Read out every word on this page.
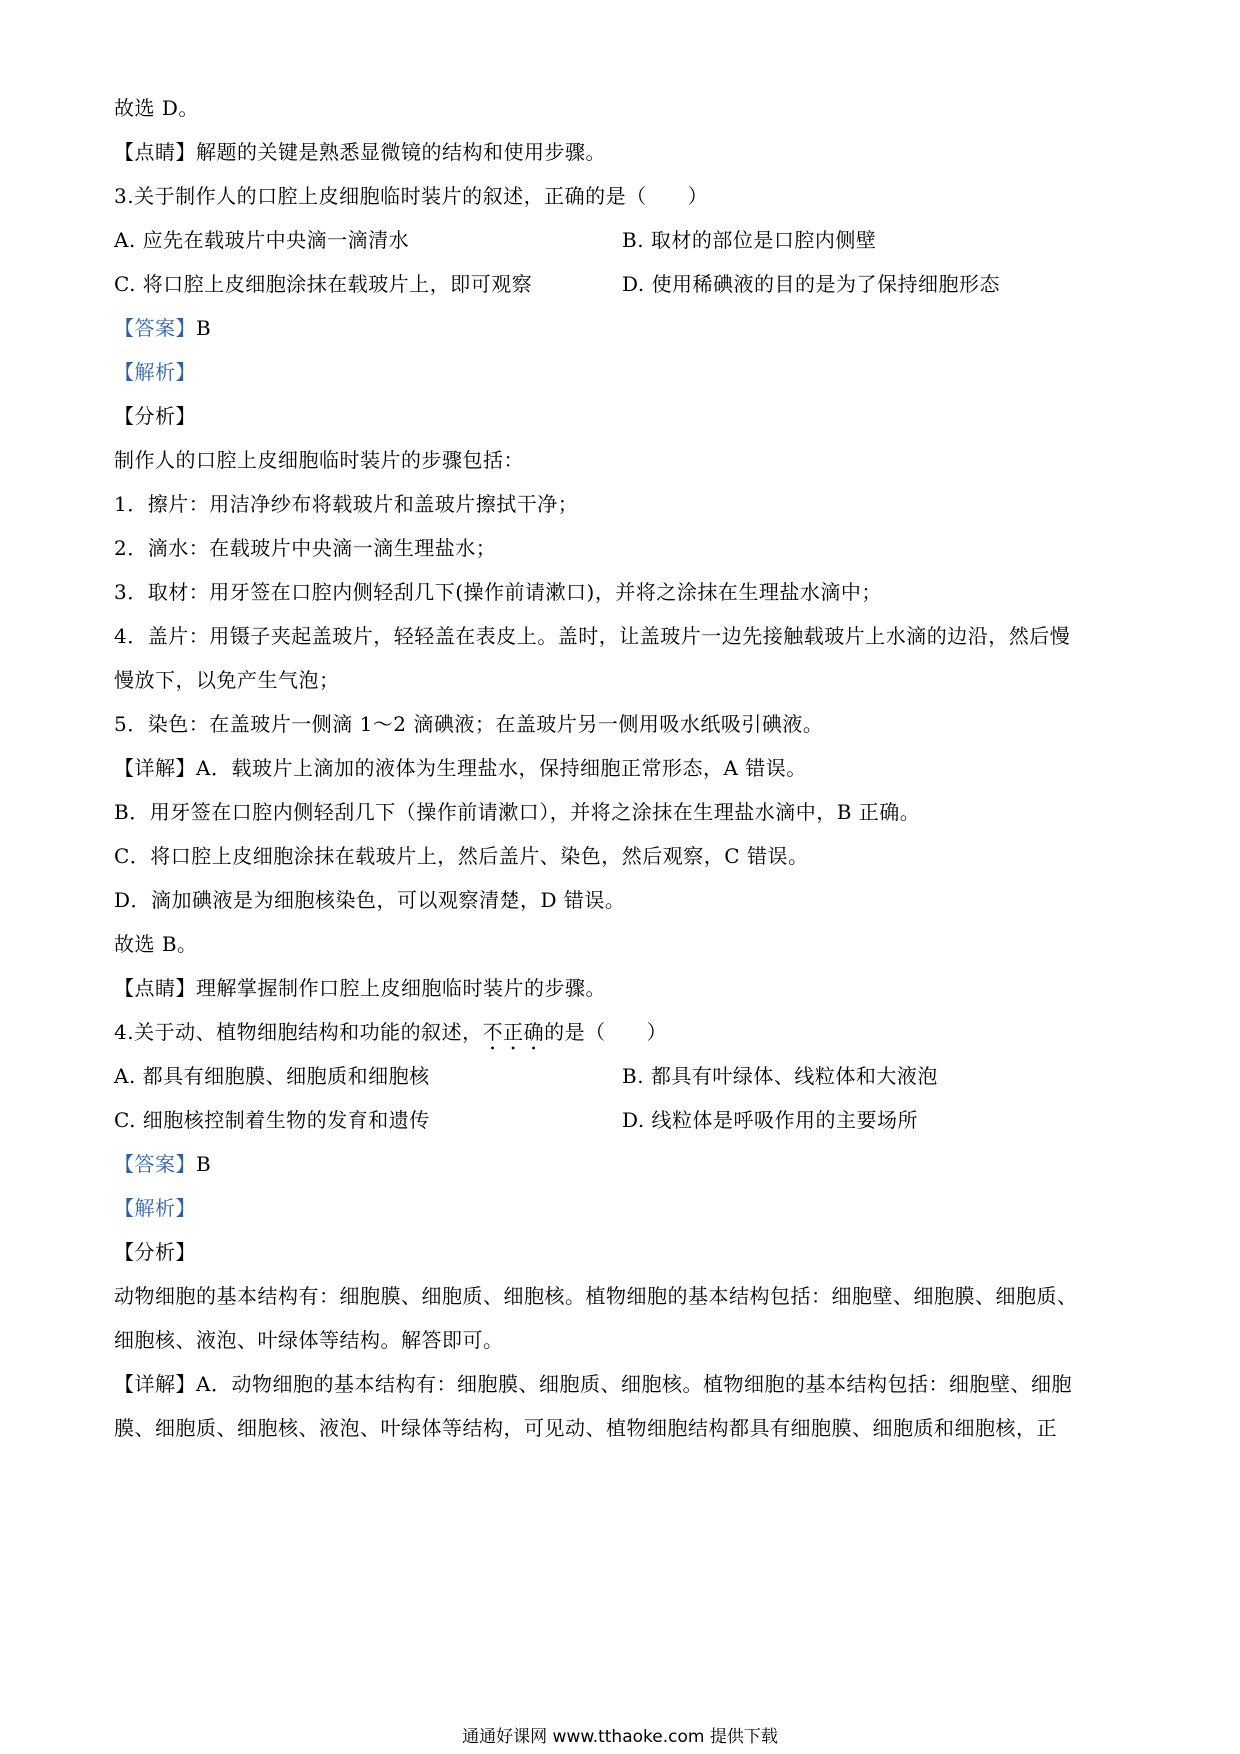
故选 D。
【点睛】解题的关键是熟悉显微镜的结构和使用步骤。
3.关于制作人的口腔上皮细胞临时装片的叙述，正确的是（　　）
A. 应先在载玻片中央滴一滴清水	B. 取材的部位是口腔内侧壁
C. 将口腔上皮细胞涂抹在载玻片上，即可观察	D. 使用稀碘液的目的是为了保持细胞形态
【答案】B
【解析】
【分析】
制作人的口腔上皮细胞临时装片的步骤包括：
1．擦片：用洁净纱布将载玻片和盖玻片擦拭干净；
2．滴水：在载玻片中央滴一滴生理盐水；
3．取材：用牙签在口腔内侧轻刮几下(操作前请漱口)，并将之涂抹在生理盐水滴中；
4．盖片：用镊子夹起盖玻片，轻轻盖在表皮上。盖时，让盖玻片一边先接触载玻片上水滴的边沿，然后慢
慢放下，以免产生气泡；
5．染色：在盖玻片一侧滴 1～2 滴碘液；在盖玻片另一侧用吸水纸吸引碘液。
【详解】A．载玻片上滴加的液体为生理盐水，保持细胞正常形态，A 错误。
B．用牙签在口腔内侧轻刮几下（操作前请漱口），并将之涂抹在生理盐水滴中，B 正确。
C．将口腔上皮细胞涂抹在载玻片上，然后盖片、染色，然后观察，C 错误。
D．滴加碘液是为细胞核染色，可以观察清楚，D 错误。
故选 B。
【点睛】理解掌握制作口腔上皮细胞临时装片的步骤。
4.关于动、植物细胞结构和功能的叙述，不正确的是（　　）
A. 都具有细胞膜、细胞质和细胞核	B. 都具有叶绿体、线粒体和大液泡
C. 细胞核控制着生物的发育和遗传	D. 线粒体是呼吸作用的主要场所
【答案】B
【解析】
【分析】
动物细胞的基本结构有：细胞膜、细胞质、细胞核。植物细胞的基本结构包括：细胞壁、细胞膜、细胞质、
细胞核、液泡、叶绿体等结构。解答即可。
【详解】A．动物细胞的基本结构有：细胞膜、细胞质、细胞核。植物细胞的基本结构包括：细胞壁、细胞
膜、细胞质、细胞核、液泡、叶绿体等结构，可见动、植物细胞结构都具有细胞膜、细胞质和细胞核，正
通通好课网 www.tthaoke.com 提供下载
